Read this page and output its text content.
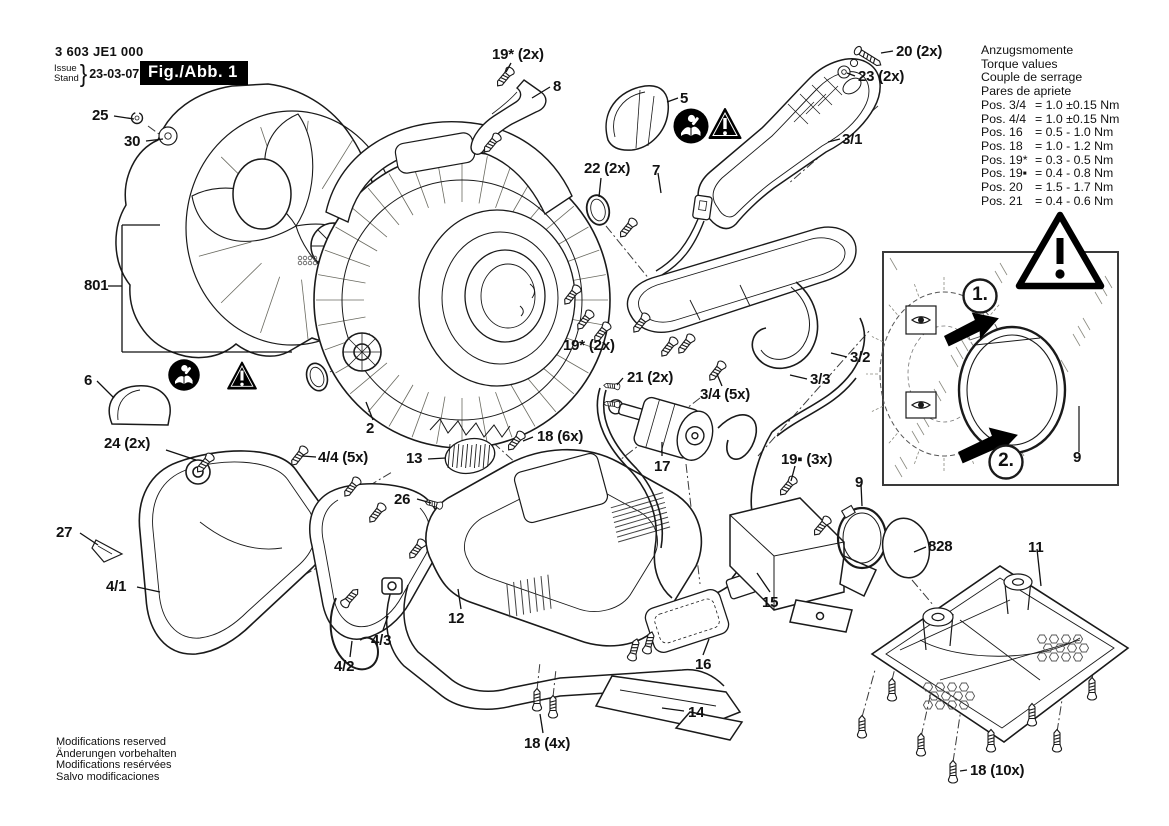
3 603 JE1 000
Issue
Stand } 23-03-07 Fig./Abb. 1
Anzugsmomente
Torque values
Couple de serrage
Pares de apriete
Pos. 3/4 = 1.0 ±0.15 Nm
Pos. 4/4 = 1.0 ±0.15 Nm
Pos. 16 = 0.5 - 1.0 Nm
Pos. 18 = 1.0 - 1.2 Nm
Pos. 19* = 0.3 - 0.5 Nm
Pos. 19▪ = 0.4 - 0.8 Nm
Pos. 20 = 1.5 - 1.7 Nm
Pos. 21 = 0.4 - 0.6 Nm
Modifications reserved
Änderungen vorbehalten
Modifications resérvées
Salvo modificaciones
25
30
801
6
24 (2x)
27
4/1
4/2
4/3
4/4 (5x)
26
2
13
12
18 (4x)
14
16
15
17
18 (6x)
19* (2x)
8
5
22 (2x) 7
19* (2x)
21 (2x)
3/4 (5x)
3/1
3/2
3/3
20 (2x)
23 (2x)
19▪ (3x)
9
828	11
18 (10x)
1.
2.	9
